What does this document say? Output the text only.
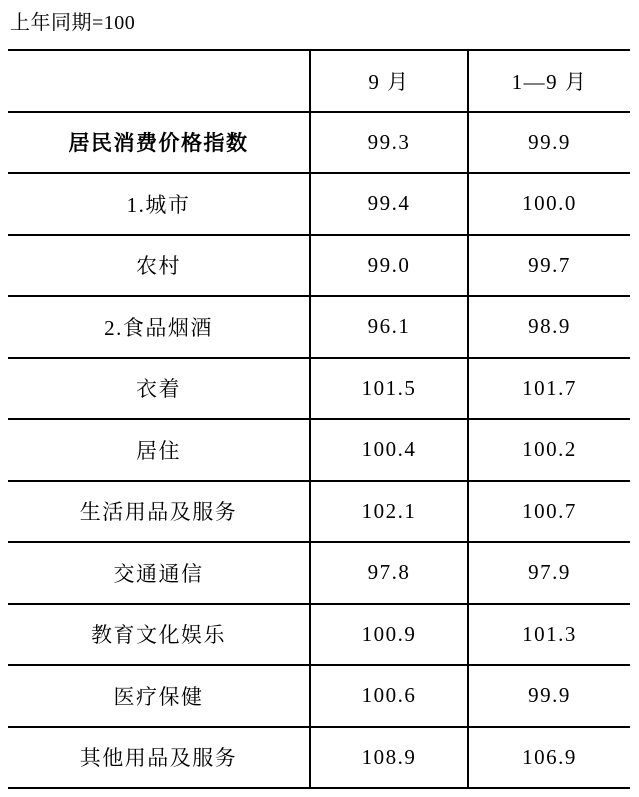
上年同期=100
	9 月	1—9 月
居民消费价格指数	99.3	99.9
1.城市	99.4	100.0
农村	99.0	99.7
2.食品烟酒	96.1	98.9
衣着	101.5	101.7
居住	100.4	100.2
生活用品及服务	102.1	100.7
交通通信	97.8	97.9
教育文化娱乐	100.9	101.3
医疗保健	100.6	99.9
其他用品及服务	108.9	106.9
